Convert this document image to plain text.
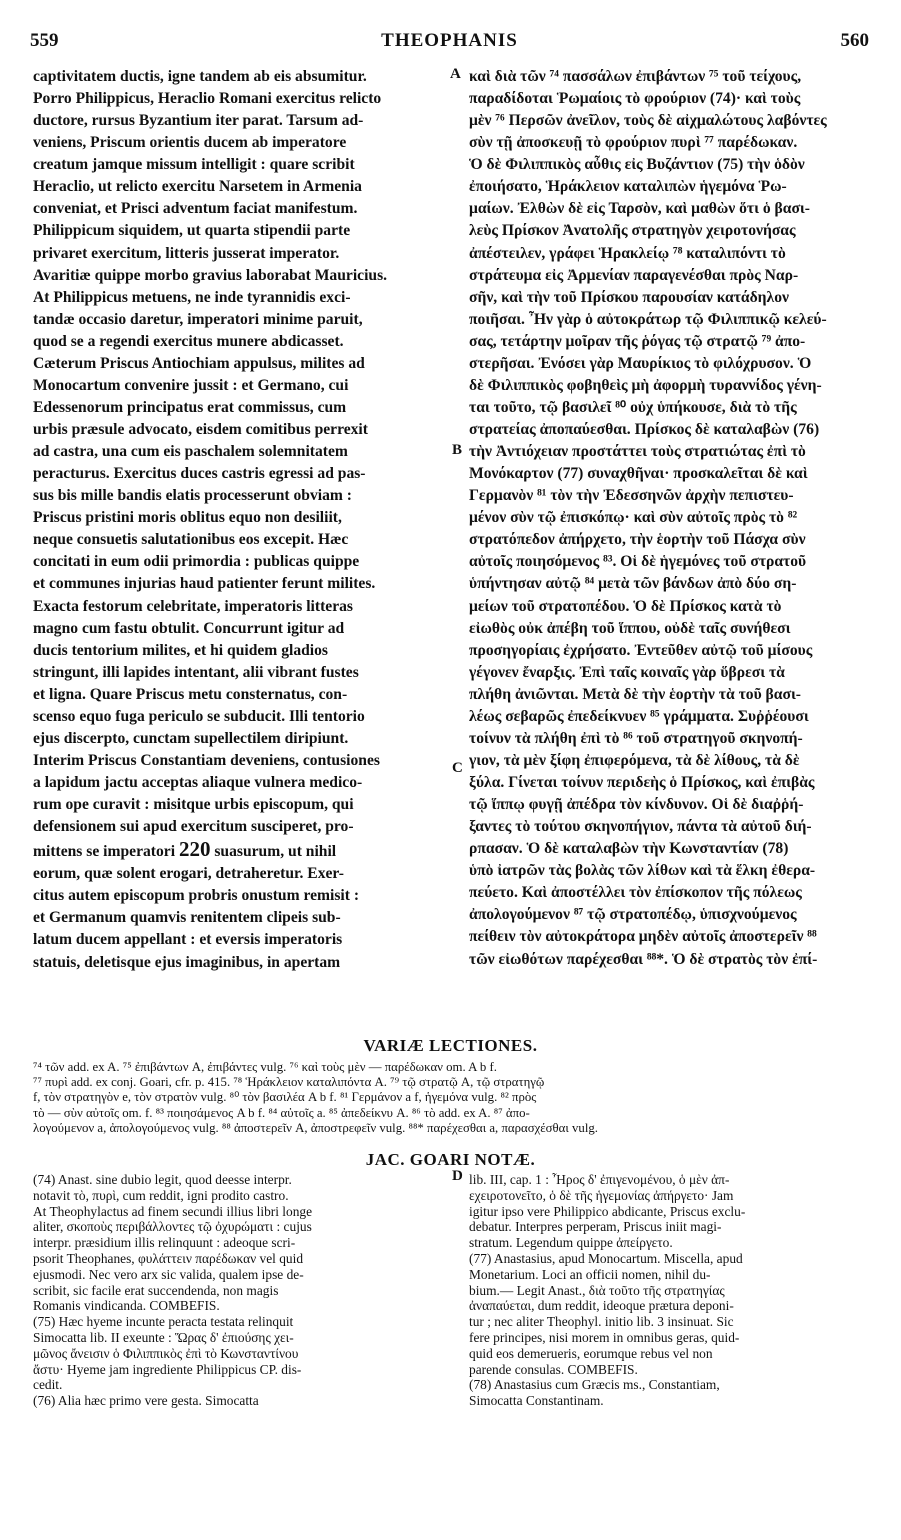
559	THEOPHANIS	560
captivitatem ductis, igne tandem ab eis absumitur.
Porro Philippicus, Heraclio Romani exercitus relicto
ductore, rursus Byzantium iter parat. Tarsum ad-
veniens, Priscum orientis ducem ab imperatore
creatum jamque missum intelligit : quare scribit
Heraclio, ut relicto exercitu Narsetem in Armenia
conveniat, et Prisci adventum faciat manifestum.
Philippicum siquidem, ut quarta stipendii parte
privaret exercitum, litteris jusserat imperator.
Avaritiæ quippe morbo gravius laborabat Mauricius.
At Philippicus metuens, ne inde tyrannidis exci-
tandæ occasio daretur, imperatori minime paruit,
quod se a regendi exercitus munere abdicasset.
Cæterum Priscus Antiochiam appulsus, milites ad
Monocartum convenire jussit : et Germano, cui
Edessenorum principatus erat commissus, cum
urbis præsule advocato, eisdem comitibus perrexit
ad castra, una cum eis paschalem solemnitatem
peracturus. Exercitus duces castris egressi ad pas-
sus bis mille bandis elatis processerunt obviam :
Priscus pristini moris oblitus equo non desiliit,
neque consuetis salutationibus eos excepit. Hæc
concitati in eum odii primordia : publicas quippe
et communes injurias haud patienter ferunt milites.
Exacta festorum celebritate, imperatoris litteras
magno cum fastu obtulit. Concurrunt igitur ad
ducis tentorium milites, et hi quidem gladios
stringunt, illi lapides intentant, alii vibrant fustes
et ligna. Quare Priscus metu consternatus, con-
scenso equo fuga periculo se subducit. Illi tentorio
ejus discerpto, cunctam supellectilem diripiunt.
Interim Priscus Constantiam deveniens, contusiones
a lapidum jactu acceptas aliaque vulnera medico-
rum ope curavit : misitque urbis episcopum, qui
defensionem sui apud exercitum susciperet, pro-
mittens se imperatori 220 suasurum, ut nihil
eorum, quæ solent erogari, detraheretur. Exer-
citus autem episcopum probris onustum remisit :
et Germanum quamvis renitentem clipeis sub-
latum ducem appellant : et eversis imperatoris
statuis, deletisque ejus imaginibus, in apertam
καὶ διὰ τῶν ⁷⁴ πασσάλων ἐπιβάντων ⁷⁵ τοῦ τείχους,
παραδίδοται Ῥωμαίοις τὸ φρούριον (74)· καὶ τοὺς
μὲν ⁷⁶ Περσῶν ἀνεῖλον, τοὺς δὲ αἰχμαλώτους λαβόντες
σὺν τῇ ἀποσκευῇ τὸ φρούριον πυρὶ ⁷⁷ παρέδωκαν.
Ὁ δὲ Φιλιππικὸς αὖθις εἰς Βυζάντιον (75) τὴν ὁδὸν
ἐποιήσατο, Ἡράκλειον καταλιπὼν ἡγεμόνα Ῥω-
μαίων. Ἐλθὼν δὲ εἰς Ταρσὸν, καὶ μαθὼν ὅτι ὁ βασι-
λεὺς Πρίσκον Ἀνατολῆς στρατηγὸν χειροτονήσας
ἀπέστειλεν, γράφει Ἡρακλείῳ ⁷⁸ καταλιπόντι τὸ
στράτευμα εἰς Ἀρμενίαν παραγενέσθαι πρὸς Ναρ-
σῆν, καὶ τὴν τοῦ Πρίσκου παρουσίαν κατάδηλον
ποιῆσαι. Ἦν γὰρ ὁ αὐτοκράτωρ τῷ Φιλιππικῷ κελεύ-
σας, τετάρτην μοῖραν τῆς ῥόγας τῷ στρατῷ ⁷⁹ ἀπο-
στερῆσαι. Ἐνόσει γὰρ Μαυρίκιος τὸ φιλόχρυσον. Ὁ
δὲ Φιλιππικὸς φοβηθεὶς μὴ ἀφορμὴ τυραννίδος γένη-
ται τοῦτο, τῷ βασιλεῖ ⁸⁰ οὐχ ὑπήκουσε, διὰ τὸ τῆς
στρατείας ἀποπαύεσθαι. Πρίσκος δὲ καταλαβὼν (76)
τὴν Ἀντιόχειαν προστάττει τοὺς στρατιώτας ἐπὶ τὸ
Μονόκαρτον (77) συναχθῆναι· προσκαλεῖται δὲ καὶ
Γερμανὸν ⁸¹ τὸν τὴν Ἐδεσσηνῶν ἀρχὴν πεπιστευ-
μένον σὺν τῷ ἐπισκόπῳ· καὶ σὺν αὐτοῖς πρὸς τὸ ⁸²
στρατόπεδον ἀπήρχετο, τὴν ἑορτὴν τοῦ Πάσχα σὺν
αὐτοῖς ποιησόμενος ⁸³. Οἱ δὲ ἡγεμόνες τοῦ στρατοῦ
ὑπήντησαν αὐτῷ ⁸⁴ μετὰ τῶν βάνδων ἀπὸ δύο ση-
μείων τοῦ στρατοπέδου. Ὁ δὲ Πρίσκος κατὰ τὸ
εἰωθὸς οὐκ ἀπέβη τοῦ ἵππου, οὐδὲ ταῖς συνήθεσι
προσηγορίαις ἐχρήσατο. Ἐντεῦθεν αὐτῷ τοῦ μίσους
γέγονεν ἔναρξις. Ἐπὶ ταῖς κοιναῖς γὰρ ὕβρεσι τὰ
πλήθη ἀνιῶνται. Μετὰ δὲ τὴν ἑορτὴν τὰ τοῦ βασι-
λέως σεβαρῶς ἐπεδείκνυεν ⁸⁵ γράμματα. Συῤῥέουσι
τοίνυν τὰ πλήθη ἐπὶ τὸ ⁸⁶ τοῦ στρατηγοῦ σκηνοπή-
γιον, τὰ μὲν ξίφη ἐπιφερόμενα, τὰ δὲ λίθους, τὰ δὲ
ξύλα. Γίνεται τοίνυν περιδεὴς ὁ Πρίσκος, καὶ ἐπιβὰς
τῷ ἵππῳ φυγῇ ἀπέδρα τὸν κίνδυνον. Οἱ δὲ διαῤῥή-
ξαντες τὸ τούτου σκηνοπήγιον, πάντα τὰ αὐτοῦ διή-
ρπασαν. Ὁ δὲ καταλαβὼν τὴν Κωνσταντίαν (78)
ὑπὸ ἰατρῶν τὰς βολὰς τῶν λίθων καὶ τὰ ἕλκη ἐθερα-
πεύετο. Καὶ ἀποστέλλει τὸν ἐπίσκοπον τῆς πόλεως
ἀπολογούμενον ⁸⁷ τῷ στρατοπέδῳ, ὑπισχνούμενος
πείθειν τὸν αὐτοκράτορα μηδὲν αὐτοῖς ἀποστερεῖν ⁸⁸
τῶν εἰωθότων παρέχεσθαι ⁸⁸*. Ὁ δὲ στρατὸς τὸν ἐπί-
A
B
C
D
VARIÆ LECTIONES.
⁷⁴ τῶν add. ex A. ⁷⁵ ἐπιβάντων A, ἐπιβάντες vulg. ⁷⁶ καὶ τοὺς μὲν — παρέδωκαν om. A b f.
⁷⁷ πυρὶ add. ex conj. Goari, cfr. p. 415. ⁷⁸ Ἡράκλειον καταλιπόντα A. ⁷⁹ τῷ στρατῷ A, τῷ στρατηγῷ
f, τὸν στρατηγὸν e, τὸν στρατὸν vulg. ⁸⁰ τὸν βασιλέα A b f. ⁸¹ Γερμάνον a f, ἡγεμόνα vulg. ⁸² πρὸς
τὸ — σὺν αὐτοῖς om. f. ⁸³ ποιησάμενος A b f. ⁸⁴ αὐτοῖς a. ⁸⁵ ἀπεδείκνυ A. ⁸⁶ τὸ add. ex A. ⁸⁷ ἀπο-
λογούμενον a, ἀπολογούμενος vulg. ⁸⁸ ἀποστερεῖν A, ἀποστρεφεῖν vulg. ⁸⁸* παρέχεσθαι a, παρασχέσθαι vulg.
JAC. GOARI NOTÆ.
(74) Anast. sine dubio legit, quod deesse interpr.
notavit τὸ, πυρὶ, cum reddit, igni prodito castro.
At Theophylactus ad finem secundi illius libri longe
aliter, σκοποὺς περιβάλλοντες τῷ ὀχυρώματι : cujus
interpr. præsidium illis relinquunt : adeoque scri-
psorit Theophanes, φυλάττειν παρέδωκαν vel quid
ejusmodi. Nec vero arx sic valida, qualem ipse de-
scribit, sic facile erat succendenda, non magis
Romanis vindicanda. COMBEFIS.
(75) Hæc hyeme incunte peracta testata relinquit
Simocatta lib. II exeunte : Ὥρας δ' ἐπιούσης χει-
μῶνος ἄνεισιν ὁ Φιλιππικὸς ἐπὶ τὸ Κωνσταντίνου
ἄστυ· Hyeme jam ingrediente Philippicus CP. dis-
cedit.
(76) Alia hæc primo vere gesta. Simocatta
lib. III, cap. 1 : Ἦρος δ' ἐπιγενομένου, ὁ μὲν ἀπ-
εχειροτονεῖτο, ὁ δὲ τῆς ἡγεμονίας ἀπήργετο· Jam
igitur ipso vere Philippico abdicante, Priscus exclu-
debatur. Interpres perperam, Priscus iniit magi-
stratum. Legendum quippe ἀπείργετο.
(77) Anastasius, apud Monocartum. Miscella, apud
Monetarium. Loci an officii nomen, nihil du-
bium.— Legit Anast., διὰ τοῦτο τῆς στρατηγίας
ἀναπαύεται, dum reddit, ideoque prætura deponi-
tur ; nec aliter Theophyl. initio lib. 3 insinuat. Sic
fere principes, nisi morem in omnibus geras, quid-
quid eos demerueris, eorumque rebus vel non
parende consulas. COMBEFIS.
(78) Anastasius cum Græcis ms., Constantiam,
Simocatta Constantinam.
